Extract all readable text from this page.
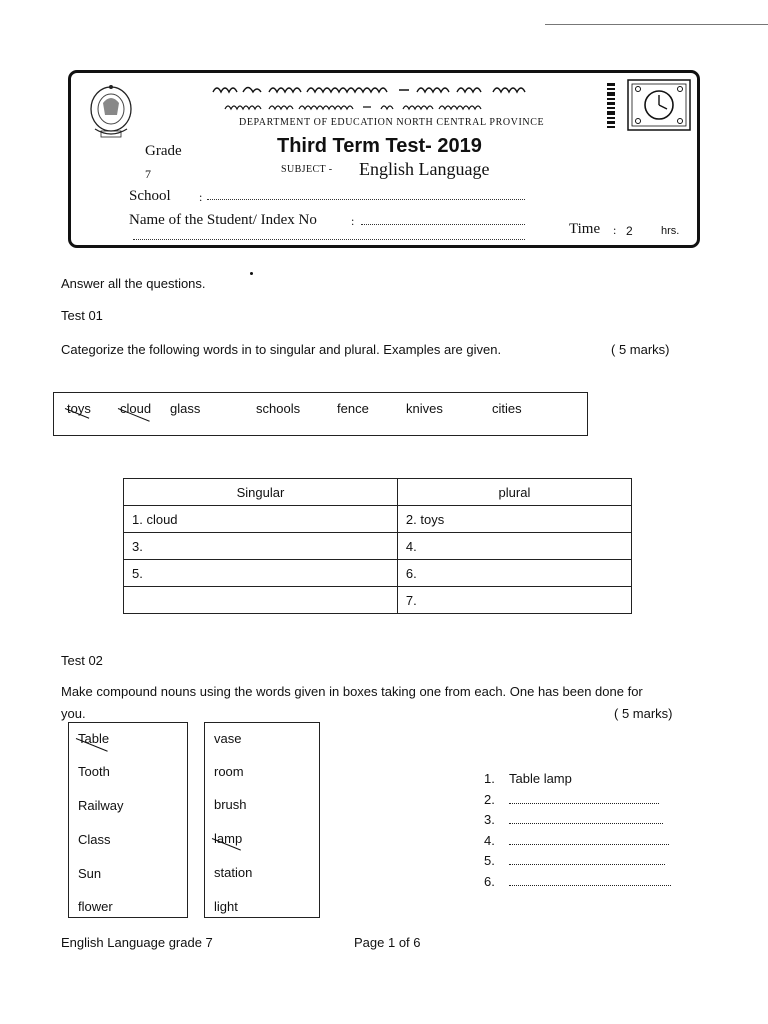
DEPARTMENT OF EDUCATION NORTH CENTRAL PROVINCE
Grade
7
Third Term Test- 2019
SUBJECT - English Language
School :
Name of the Student/ Index No	:	Time : 2	hrs.
Answer all the questions.
Test 01
Categorize the following words in to singular and plural. Examples are given.	( 5 marks)
toys cloud glass	schools	fence	knives	cities
Singular	plural
1. cloud	2. toys
3.	4.
5.	6.
	7.
Test 02
Make compound nouns using the words given in boxes taking one from each. One has been done for
you.	( 5 marks)
Table
Tooth
Railway
Class
Sun
flower
vase
room
brush
lamp
station
light
1. Table lamp
2.
3.
4.
5.
6.
English Language grade 7	Page 1 of 6
